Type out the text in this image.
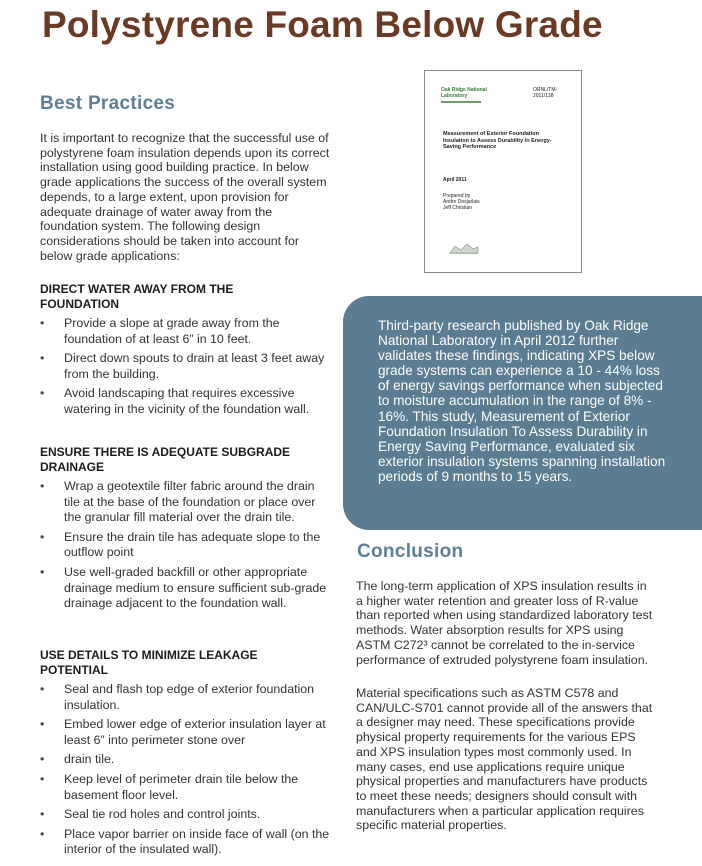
Polystyrene Foam Below Grade
Best Practices

It is important to recognize that the successful use of polystyrene foam insulation depends upon its correct installation using good building practice. In below grade applications the success of the overall system depends, to a large extent, upon provision for adequate drainage of water away from the foundation system. The following design considerations should be taken into account for below grade applications:

DIRECT WATER AWAY FROM THE FOUNDATION
• Provide a slope at grade away from the foundation of at least 6” in 10 feet.
• Direct down spouts to drain at least 3 feet away from the building.
• Avoid landscaping that requires excessive watering in the vicinity of the foundation wall.
ENSURE THERE IS ADEQUATE SUBGRADE DRAINAGE
• Wrap a geotextile filter fabric around the drain tile at the base of the foundation or place over the granular fill material over the drain tile.
• Ensure the drain tile has adequate slope to the outflow point
• Use well-graded backfill or other appropriate drainage medium to ensure sufficient sub-grade drainage adjacent to the foundation wall.
USE DETAILS TO MINIMIZE LEAKAGE POTENTIAL
• Seal and flash top edge of exterior foundation insulation.
• Embed lower edge of exterior insulation layer at least 6” into perimeter stone over
• drain tile.
• Keep level of perimeter drain tile below the basement floor level.
• Seal tie rod holes and control joints.
• Place vapor barrier on inside face of wall (on the interior of the insulated wall).
Oak Ridge National Laboratory
ORNL/TM-2011/138
Measurement of Exterior Foundation Insulation to Assess Durability in Energy-Saving Performance
April 2011
Prepared by
Andre Desjarlais
Jeff Christian

Third-party research published by Oak Ridge National Laboratory in April 2012 further validates these findings, indicating XPS below grade systems can experience a 10 - 44% loss of energy savings performance when subjected to moisture accumulation in the range of 8% - 16%. This study, Measurement of Exterior Foundation Insulation To Assess Durability in Energy Saving Performance, evaluated six exterior insulation systems spanning installation periods of 9 months to 15 years.

Conclusion

The long-term application of XPS insulation results in a higher water retention and greater loss of R-value than reported when using standardized laboratory test methods. Water absorption results for XPS using ASTM C272³ cannot be correlated to the in-service performance of extruded polystyrene foam insulation.

Material specifications such as ASTM C578 and CAN/ULC-S701 cannot provide all of the answers that a designer may need. These specifications provide physical property requirements for the various EPS and XPS insulation types most commonly used. In many cases, end use applications require unique physical properties and manufacturers have products to meet these needs; designers should consult with manufacturers when a particular application requires specific material properties.
